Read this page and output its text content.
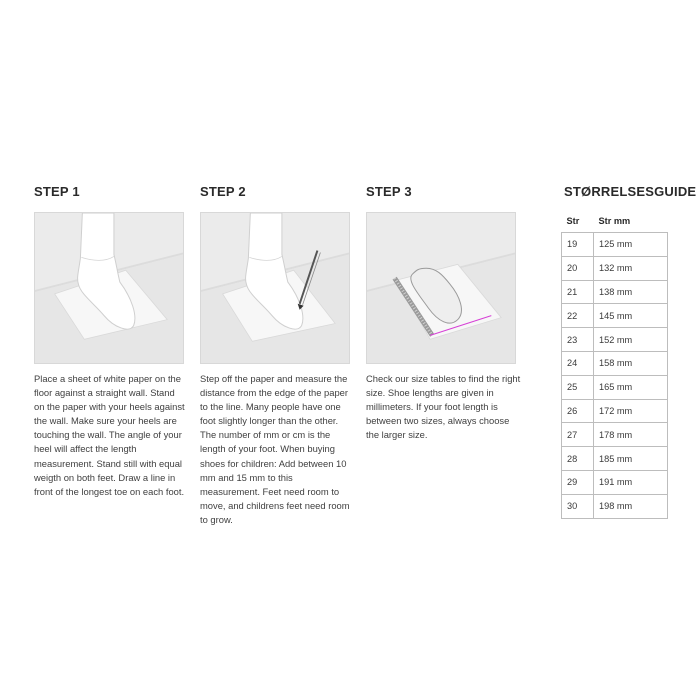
STEP 1

Place a sheet of white paper on the floor against a straight wall. Stand on the paper with your heels against the wall. Make sure your heels are touching the wall. The angle of your heel will affect the length measurement. Stand still with equal weigth on both feet. Draw a line in front of the longest toe on each foot.

STEP 2

Step off the paper and measure the distance from the edge of the paper to the line. Many people have one foot slightly longer than the other. The number of mm or cm is the length of your foot. When buying shoes for children: Add between 10 mm and 15 mm to this measurement. Feet need room to move, and childrens feet need room to grow.

STEP 3

Check our size tables to find the right size. Shoe lengths are given in millimeters. If your foot length is between two sizes, always choose the larger size.

STØRRELSESGUIDE
Str	Str mm
19	125 mm
20	132 mm
21	138 mm
22	145 mm
23	152 mm
24	158 mm
25	165 mm
26	172 mm
27	178 mm
28	185 mm
29	191 mm
30	198 mm
